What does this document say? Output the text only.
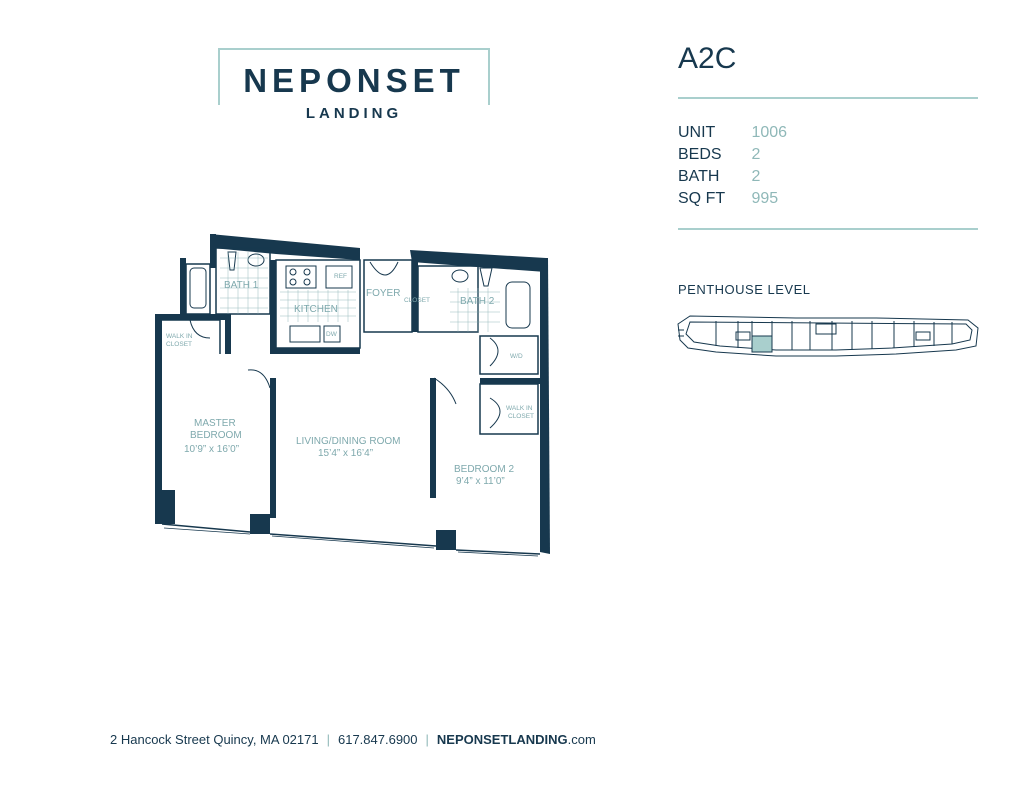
NEPONSET
LANDING
A2C
UNIT 1006
BEDS 2
BATH 2
SQ FT 995
PENTHOUSE LEVEL
BATH 1
KITCHEN
REF
DW
FOYER
CLOSET	BATH 2
WALK IN
CLOSET
MASTER
BEDROOM
10’9” x 16’0”
LIVING/DINING ROOM
15’4” x 16’4”
W/D
WALK IN
CLOSET
BEDROOM 2
9’4” x 11’0”
2 Hancock Street Quincy, MA 02171 | 617.847.6900 | NEPONSETLANDING.com
